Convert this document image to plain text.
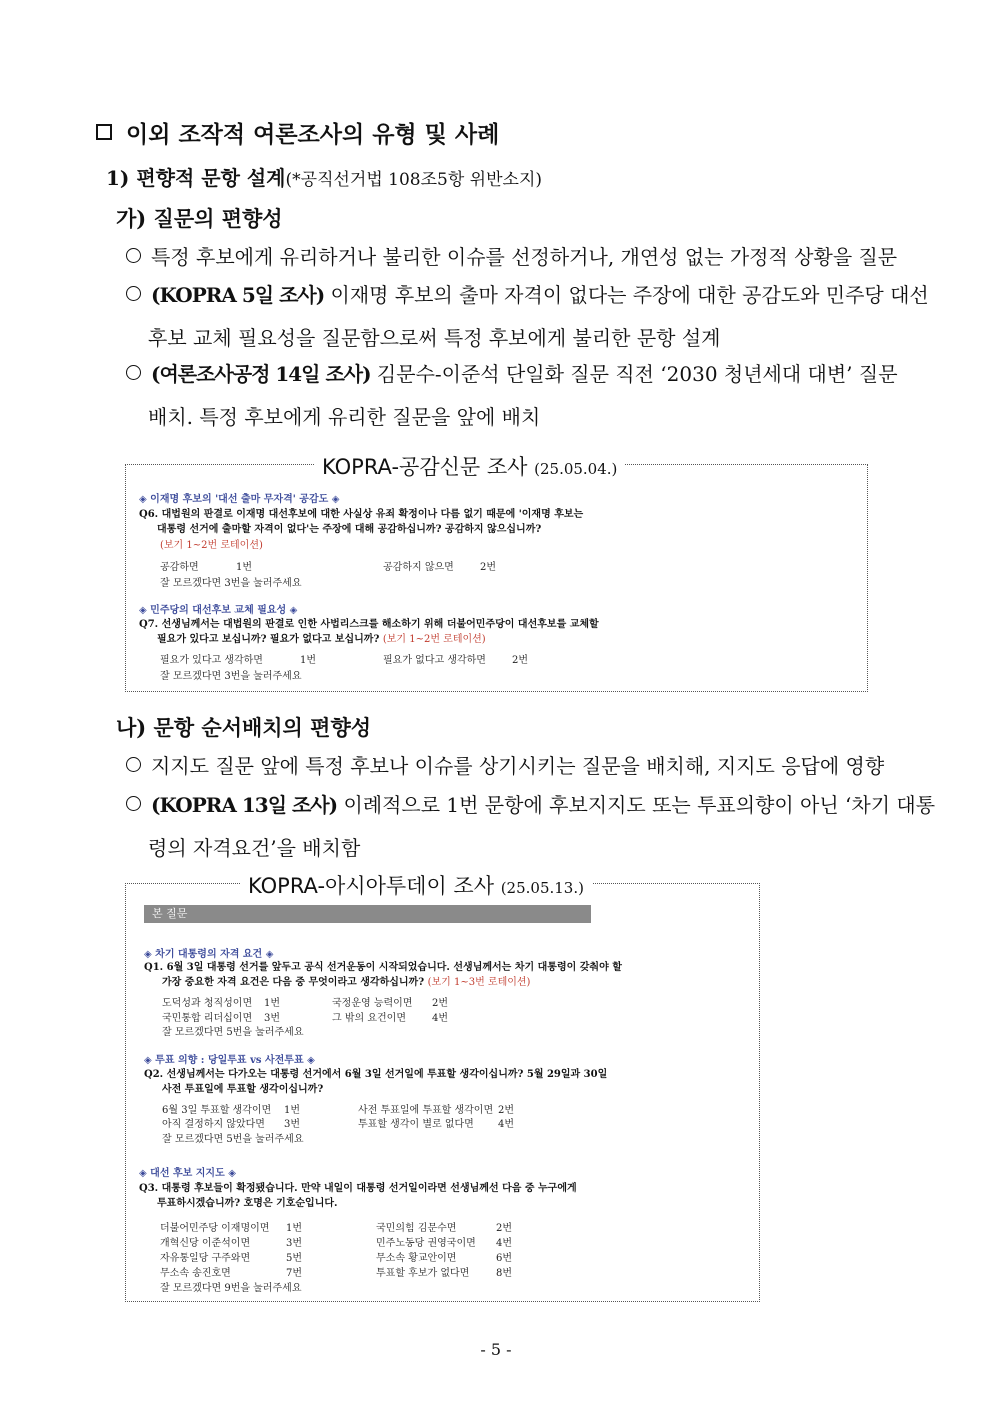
이외 조작적 여론조사의 유형 및 사례
1) 편향적 문항 설계(*공직선거법 108조5항 위반소지)
가) 질문의 편향성
특정 후보에게 유리하거나 불리한 이슈를 선정하거나, 개연성 없는 가정적 상황을 질문
(KOPRA 5일 조사) 이재명 후보의 출마 자격이 없다는 주장에 대한 공감도와 민주당 대선
후보 교체 필요성을 질문함으로써 특정 후보에게 불리한 문항 설계
(여론조사공정 14일 조사) 김문수-이준석 단일화 질문 직전 ‘2030 청년세대 대변’ 질문
배치. 특정 후보에게 유리한 질문을 앞에 배치
KOPRA-공감신문 조사 (25.05.04.)
◈ 이재명 후보의 '대선 출마 무자격' 공감도 ◈
Q6. 대법원의 판결로 이재명 대선후보에 대한 사실상 유죄 확정이나 다름 없기 때문에 '이재명 후보는
대통령 선거에 출마할 자격이 없다'는 주장에 대해 공감하십니까? 공감하지 않으십니까?
(보기 1~2번 로테이션)
공감하면	1번	공감하지 않으면	2번
잘 모르겠다면 3번을 눌러주세요
◈ 민주당의 대선후보 교체 필요성 ◈
Q7. 선생님께서는 대법원의 판결로 인한 사법리스크를 해소하기 위해 더불어민주당이 대선후보를 교체할
필요가 있다고 보십니까? 필요가 없다고 보십니까? (보기 1~2번 로테이션)
필요가 있다고 생각하면	1번	필요가 없다고 생각하면	2번
잘 모르겠다면 3번을 눌러주세요
나) 문항 순서배치의 편향성
지지도 질문 앞에 특정 후보나 이슈를 상기시키는 질문을 배치해, 지지도 응답에 영향
(KOPRA 13일 조사) 이례적으로 1번 문항에 후보지지도 또는 투표의향이 아닌 ‘차기 대통
령의 자격요건’을 배치함
KOPRA-아시아투데이 조사 (25.05.13.)
본 질문
◈ 차기 대통령의 자격 요건 ◈
Q1. 6월 3일 대통령 선거를 앞두고 공식 선거운동이 시작되었습니다. 선생님께서는 차기 대통령이 갖춰야 할
가장 중요한 자격 요건은 다음 중 무엇이라고 생각하십니까? (보기 1~3번 로테이션)
도덕성과 청직성이면 1번	국정운영 능력이면 2번
국민통합 리더십이면 3번	그 밖의 요건이면	4번
잘 모르겠다면 5번을 눌러주세요
◈ 투표 의향 : 당일투표 vs 사전투표 ◈
Q2. 선생님께서는 다가오는 대통령 선거에서 6월 3일 선거일에 투표할 생각이십니까? 5월 29일과 30일
사전 투표일에 투표할 생각이십니까?
6월 3일 투표할 생각이면 1번	사전 투표일에 투표할 생각이면 2번
아직 결정하지 않았다면 3번	투표할 생각이 별로 없다면 4번
잘 모르겠다면 5번을 눌러주세요
◈ 대선 후보 지지도 ◈
Q3. 대통령 후보들이 확정됐습니다. 만약 내일이 대통령 선거일이라면 선생님께선 다음 중 누구에게
투표하시겠습니까? 호명은 기호순입니다.
더불어민주당 이재명이면 1번	국민의힘 김문수면	2번
개혁신당 이준석이면	3번	민주노동당 권영국이면 4번
자유통일당 구주와면	5번	무소속 황교안이면	6번
무소속 송진호면	7번	투표할 후보가 없다면	8번
잘 모르겠다면 9번을 눌러주세요
- 5 -
